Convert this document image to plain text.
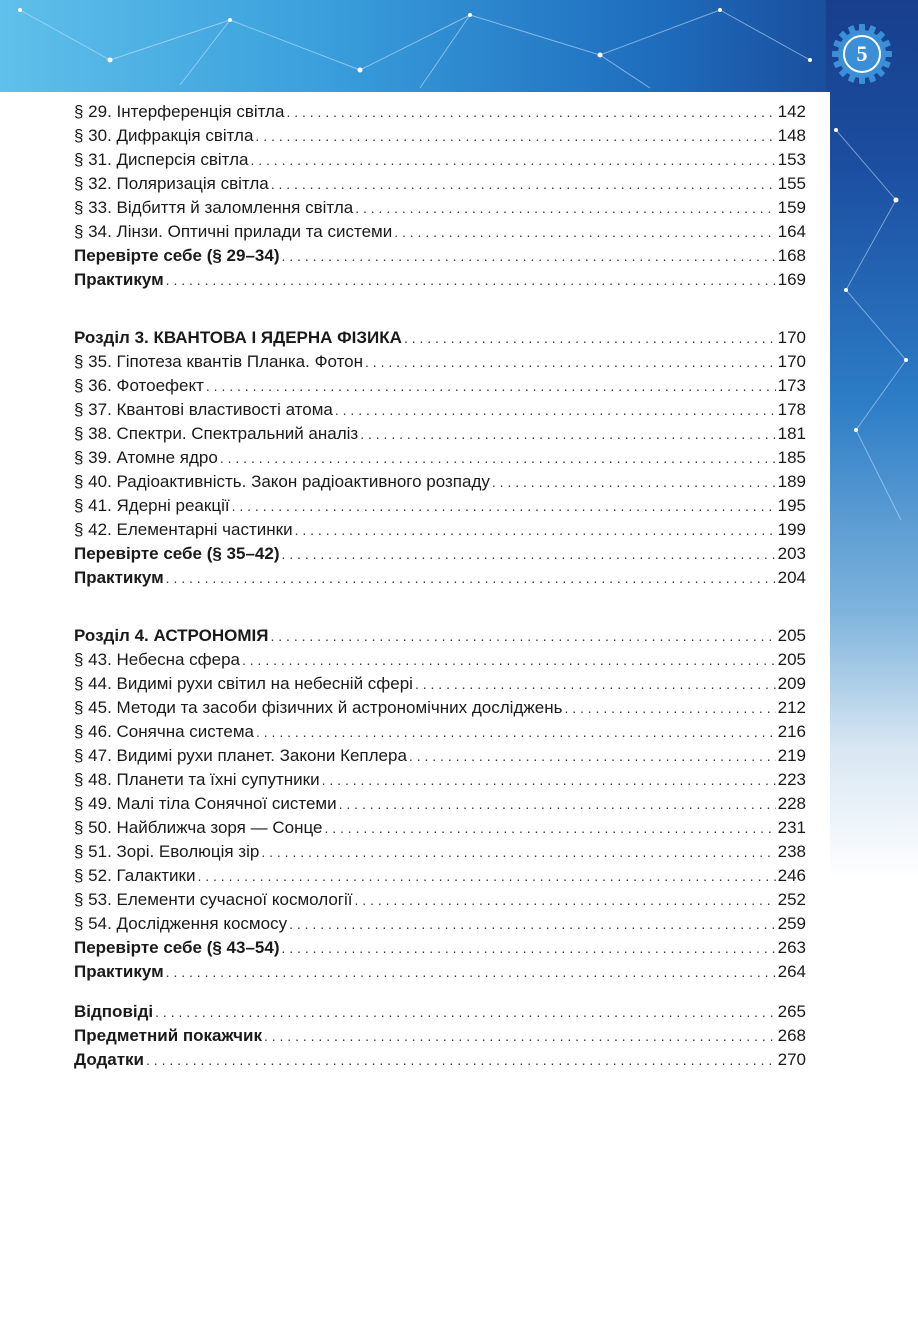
5
§ 29. Інтерференція світла . . .	142
§ 30. Дифракція світла . . .	148
§ 31. Дисперсія світла . . .	153
§ 32. Поляризація світла . . .	155
§ 33. Відбиття й заломлення світла . . .	159
§ 34. Лінзи. Оптичні прилади та системи . . .	164
Перевірте себе (§ 29–34) . . .	168
Практикум . . .	169
Розділ 3. КВАНТОВА І ЯДЕРНА ФІЗИКА . . .	170
§ 35. Гіпотеза квантів Планка. Фотон . . .	170
§ 36. Фотоефект . . .	173
§ 37. Квантові властивості атома . . .	178
§ 38. Спектри. Спектральний аналіз . . .	181
§ 39. Атомне ядро . . .	185
§ 40. Радіоактивність. Закон радіоактивного розпаду . . .	189
§ 41. Ядерні реакції . . .	195
§ 42. Елементарні частинки . . .	199
Перевірте себе (§ 35–42) . . .	203
Практикум . . .	204
Розділ 4. АСТРОНОМІЯ . . .	205
§ 43. Небесна сфера . . .	205
§ 44. Видимі рухи світил на небесній сфері . . .	209
§ 45. Методи та засоби фізичних й астрономічних досліджень . . .	212
§ 46. Сонячна система . . .	216
§ 47. Видимі рухи планет. Закони Кеплера . . .	219
§ 48. Планети та їхні супутники . . .	223
§ 49. Малі тіла Сонячної системи . . .	228
§ 50. Найближча зоря — Сонце . . .	231
§ 51. Зорі. Еволюція зір . . .	238
§ 52. Галактики . . .	246
§ 53. Елементи сучасної космології . . .	252
§ 54. Дослідження космосу . . .	259
Перевірте себе (§ 43–54) . . .	263
Практикум . . .	264
Відповіді . . .	265
Предметний покажчик . . .	268
Додатки . . .	270
